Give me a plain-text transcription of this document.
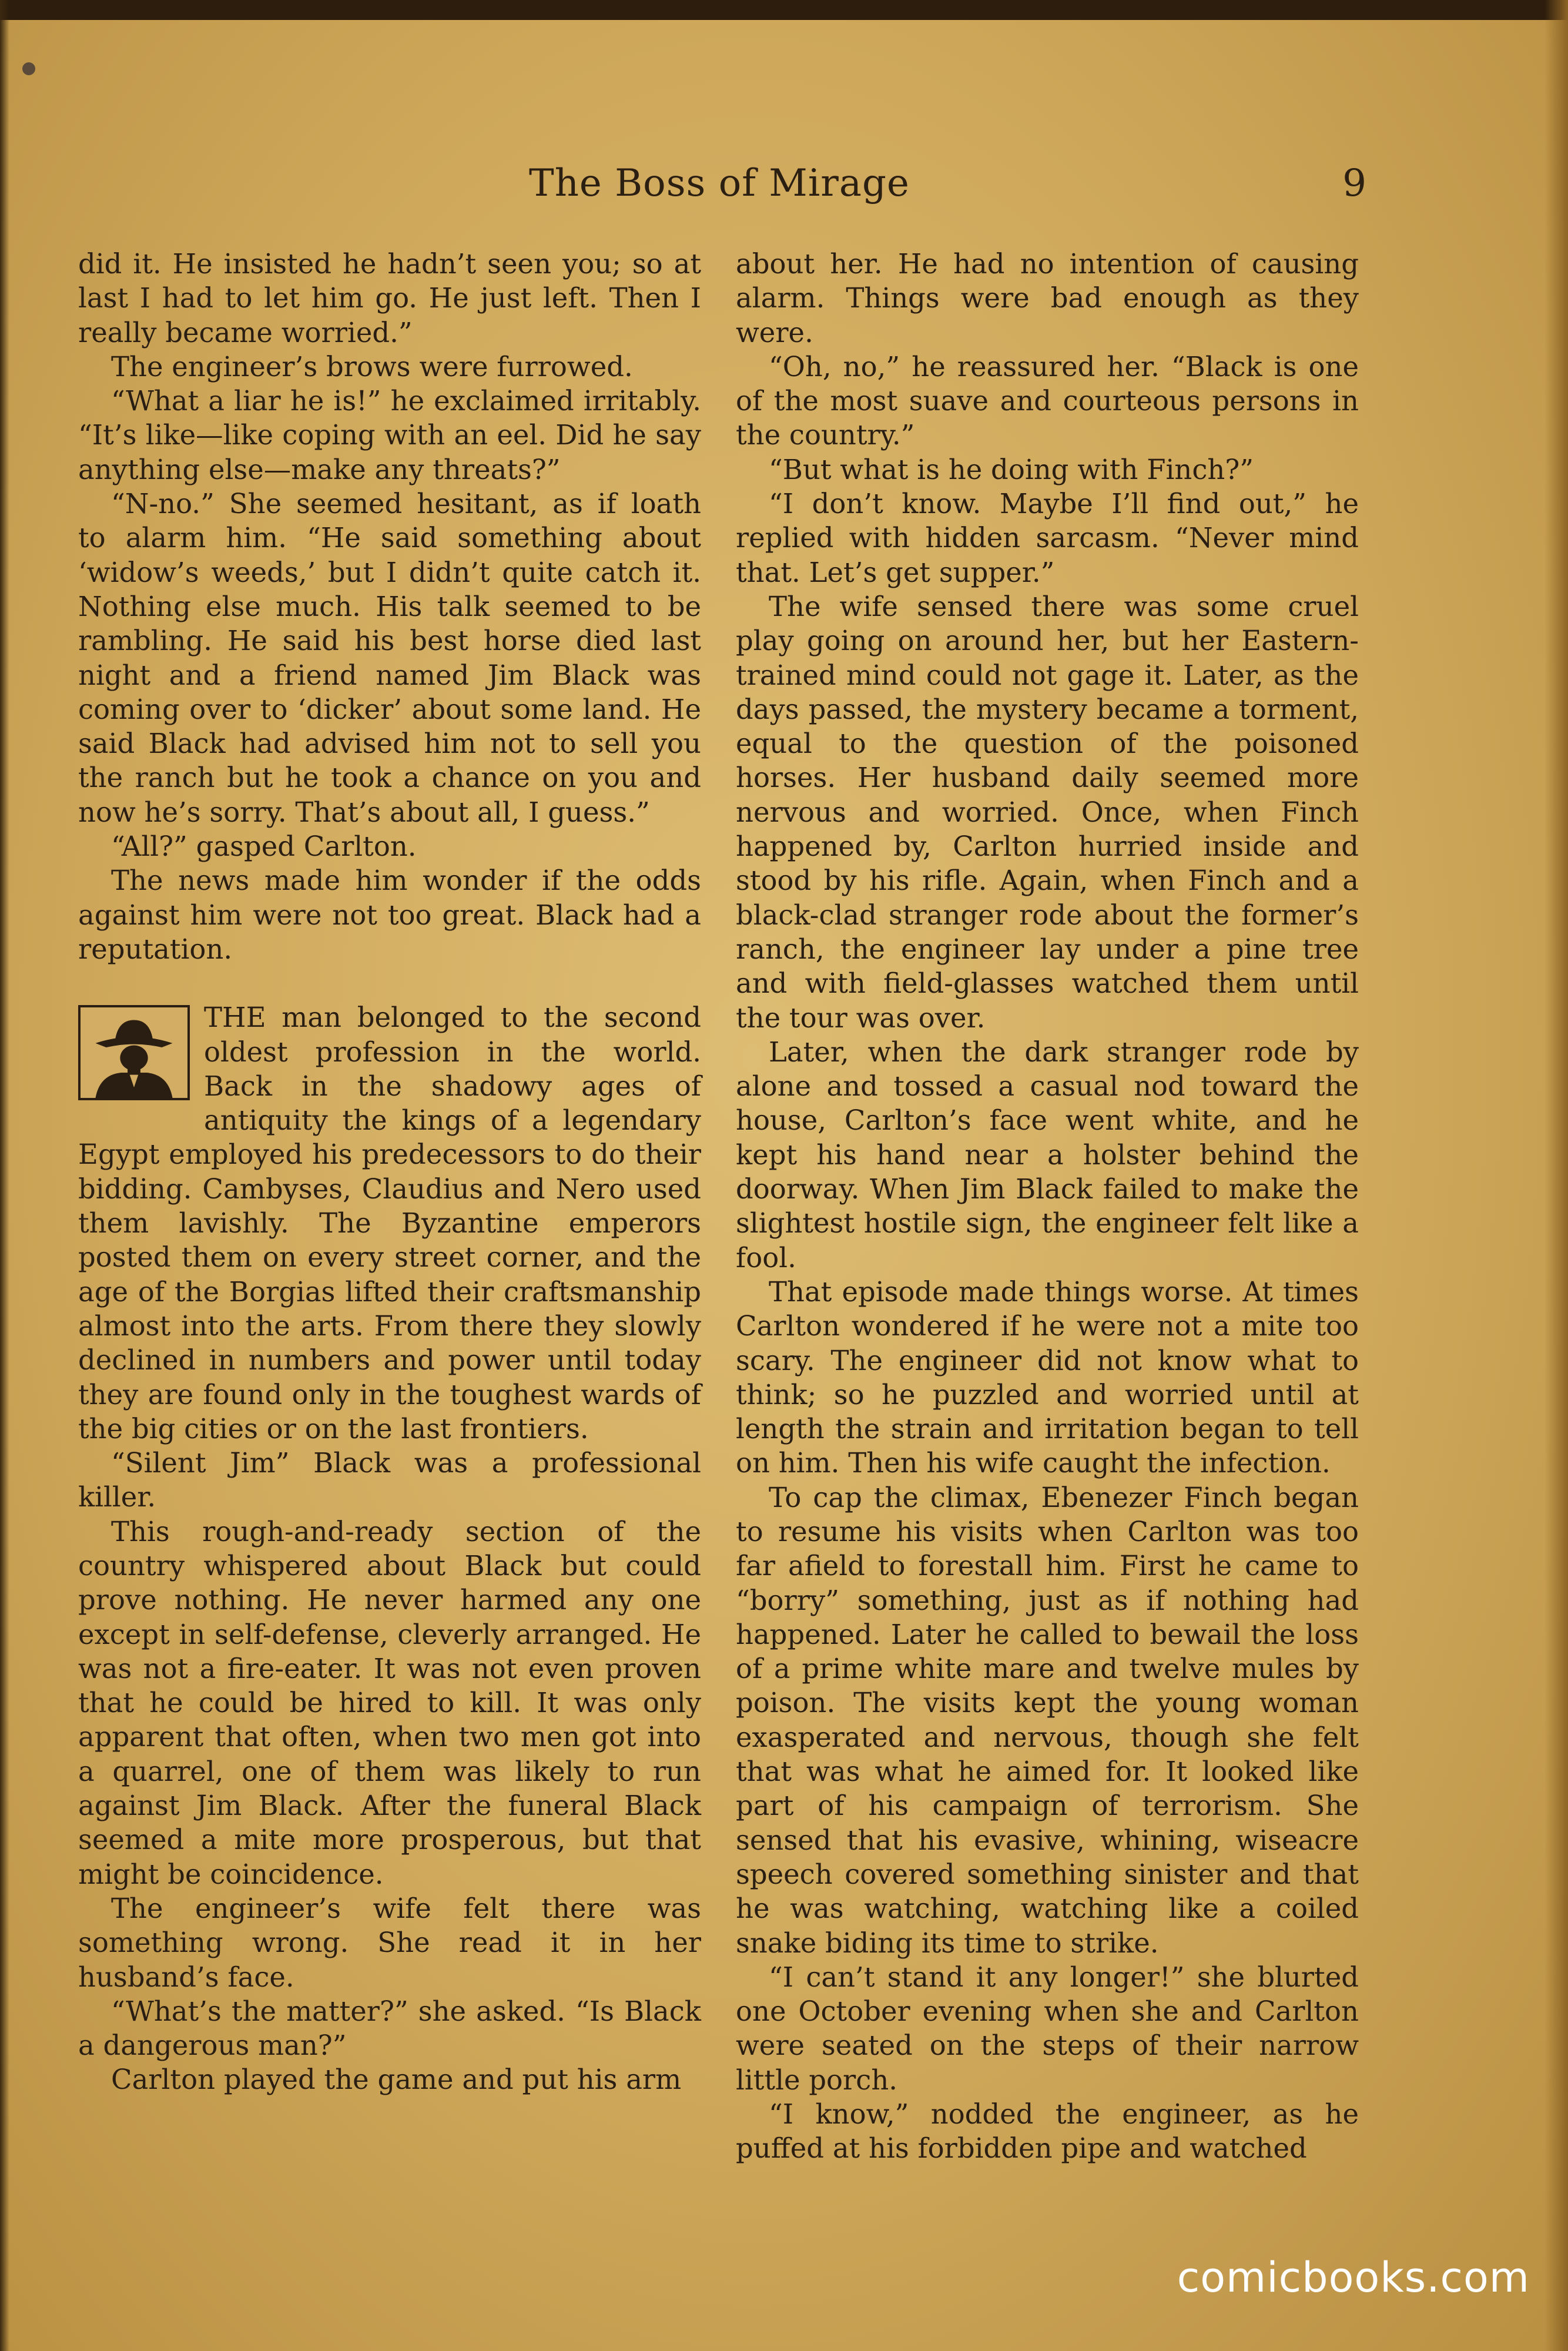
The Boss of Mirage	9

did it. He insisted he hadn’t seen you; so at last I had to let him go. He just left. Then I really became worried.”

The engineer’s brows were furrowed.

“What a liar he is!” he exclaimed irritably. “It’s like—like coping with an eel. Did he say anything else—make any threats?”

“N-no.” She seemed hesitant, as if loath to alarm him. “He said something about ‘widow’s weeds,’ but I didn’t quite catch it. Nothing else much. His talk seemed to be rambling. He said his best horse died last night and a friend named Jim Black was coming over to ‘dicker’ about some land. He said Black had advised him not to sell you the ranch but he took a chance on you and now he’s sorry. That’s about all, I guess.”

“All?” gasped Carlton.

The news made him wonder if the odds against him were not too great. Black had a reputation.

THE man belonged to the second oldest profession in the world. Back in the shadowy ages of antiquity the kings of a legendary Egypt employed his predecessors to do their bidding. Cambyses, Claudius and Nero used them lavishly. The Byzantine emperors posted them on every street corner, and the age of the Borgias lifted their craftsmanship almost into the arts. From there they slowly declined in numbers and power until today they are found only in the toughest wards of the big cities or on the last frontiers.

“Silent Jim” Black was a professional killer.

This rough-and-ready section of the country whispered about Black but could prove nothing. He never harmed any one except in self-defense, cleverly arranged. He was not a fire-eater. It was not even proven that he could be hired to kill. It was only apparent that often, when two men got into a quarrel, one of them was likely to run against Jim Black. After the funeral Black seemed a mite more prosperous, but that might be coincidence.

The engineer’s wife felt there was something wrong. She read it in her husband’s face.

“What’s the matter?” she asked. “Is Black a dangerous man?”

Carlton played the game and put his arm

about her. He had no intention of causing alarm. Things were bad enough as they were.

“Oh, no,” he reassured her. “Black is one of the most suave and courteous persons in the country.”

“But what is he doing with Finch?”

“I don’t know. Maybe I’ll find out,” he replied with hidden sarcasm. “Never mind that. Let’s get supper.”

The wife sensed there was some cruel play going on around her, but her Eastern-trained mind could not gage it. Later, as the days passed, the mystery became a torment, equal to the question of the poisoned horses. Her husband daily seemed more nervous and worried. Once, when Finch happened by, Carlton hurried inside and stood by his rifle. Again, when Finch and a black-clad stranger rode about the former’s ranch, the engineer lay under a pine tree and with field-glasses watched them until the tour was over.

Later, when the dark stranger rode by alone and tossed a casual nod toward the house, Carlton’s face went white, and he kept his hand near a holster behind the doorway. When Jim Black failed to make the slightest hostile sign, the engineer felt like a fool.

That episode made things worse. At times Carlton wondered if he were not a mite too scary. The engineer did not know what to think; so he puzzled and worried until at length the strain and irritation began to tell on him. Then his wife caught the infection.

To cap the climax, Ebenezer Finch began to resume his visits when Carlton was too far afield to forestall him. First he came to “borry” something, just as if nothing had happened. Later he called to bewail the loss of a prime white mare and twelve mules by poison. The visits kept the young woman exasperated and nervous, though she felt that was what he aimed for. It looked like part of his campaign of terrorism. She sensed that his evasive, whining, wiseacre speech covered something sinister and that he was watching, watching like a coiled snake biding its time to strike.

“I can’t stand it any longer!” she blurted one October evening when she and Carlton were seated on the steps of their narrow little porch.

“I know,” nodded the engineer, as he puffed at his forbidden pipe and watched

comicbooks.com
